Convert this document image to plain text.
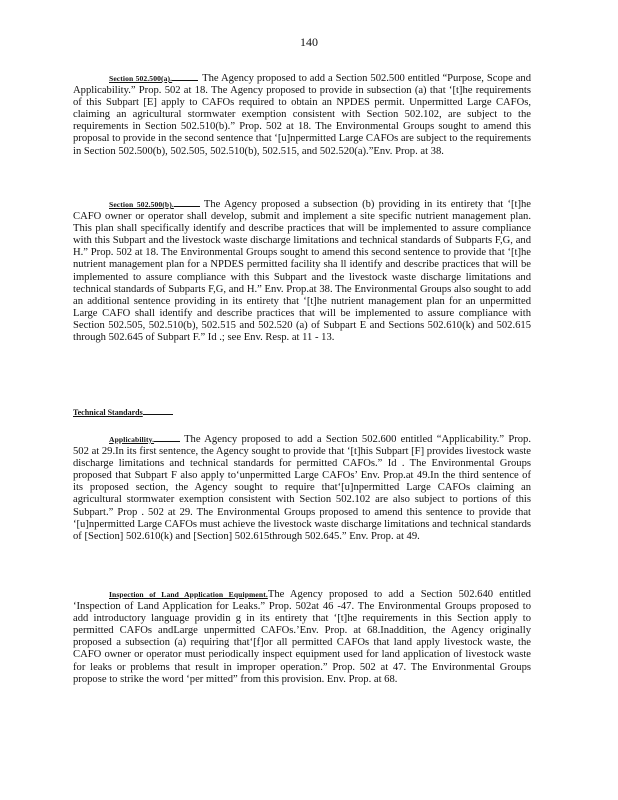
140

Section 502.500(a).	The Agency proposed to add a Section 502.500 entitled “Purpose, Scope and Applicability.” Prop. 502 at 18. The Agency proposed to provide in subsection (a) that ‘[t]he requirements of this Subpart [E] apply to CAFOs required to obtain an NPDES permit. Unpermitted Large CAFOs, claiming an agricultural stormwater exemption consistent with Section 502.102, are subject to the requirements in Section 502.510(b).” Prop. 502 at 18. The Environmental Groups sought to amend this proposal to provide in the second sentence that ‘[u]npermitted Large CAFOs are subject to the requirements in Section 502.500(b), 502.505, 502.510(b), 502.515, and 502.520(a).”Env. Prop. at 38.

Section 502.500(b).	The Agency proposed a subsection (b) providing in its entirety that ‘[t]he CAFO owner or operator shall develop, submit and implement a site specific nutrient management plan. This plan shall specifically identify and describe practices that will be implemented to assure compliance with this Subpart and the livestock waste discharge limitations and technical standards of Subparts F,G, and H.” Prop. 502 at 18. The Environmental Groups sought to amend this second sentence to provide that ‘[t]he nutrient management plan for a NPDES permitted facility sha ll identify and describe practices that will be implemented to assure compliance with this Subpart and the livestock waste discharge limitations and technical standards of Subparts F,G, and H.” Env. Prop.at 38. The Environmental Groups also sought to add an additional sentence providing in its entirety that ‘[t]he nutrient management plan for an unpermitted Large CAFO shall identify and describe practices that will be implemented to assure compliance with Section 502.505, 502.510(b), 502.515 and 502.520 (a) of Subpart E and Sections 502.610(k) and 502.615 through 502.645 of Subpart F.” Id .; see Env. Resp. at 11 - 13.

Technical Standards

Applicability.	The Agency proposed to add a Section 502.600 entitled “Applicability.” Prop. 502 at 29.In its first sentence, the Agency sought to provide that ‘[t]his Subpart [F] provides livestock waste discharge limitations and technical standards for permitted CAFOs.” Id . The Environmental Groups proposed that Subpart F also apply to‘unpermitted Large CAFOs’ Env. Prop.at 49.In the third sentence of its proposed section, the Agency sought to require that‘[u]npermitted Large CAFOs claiming an agricultural stormwater exemption consistent with Section 502.102 are also subject to portions of this Subpart.” Prop . 502 at 29. The Environmental Groups proposed to amend this sentence to provide that ‘[u]npermitted Large CAFOs must achieve the livestock waste discharge limitations and technical standards of [Section] 502.610(k) and [Section] 502.615through 502.645.” Env. Prop. at 49.

Inspection of Land Application Equipment.The Agency proposed to add a Section 502.640 entitled ‘Inspection of Land Application for Leaks.” Prop. 502at 46 -47. The Environmental Groups proposed to add introductory language providin g in its entirety that ‘[t]he requirements in this Section apply to permitted CAFOs andLarge unpermitted CAFOs.’Env. Prop. at 68.Inaddition, the Agency originally proposed a subsection (a) requiring that‘[f]or all permitted CAFOs that land apply livestock waste, the CAFO owner or operator must periodically inspect equipment used for land application of livestock waste for leaks or problems that result in improper operation.” Prop. 502 at 47. The Environmental Groups propose to strike the word ‘per mitted” from this provision. Env. Prop. at 68.
